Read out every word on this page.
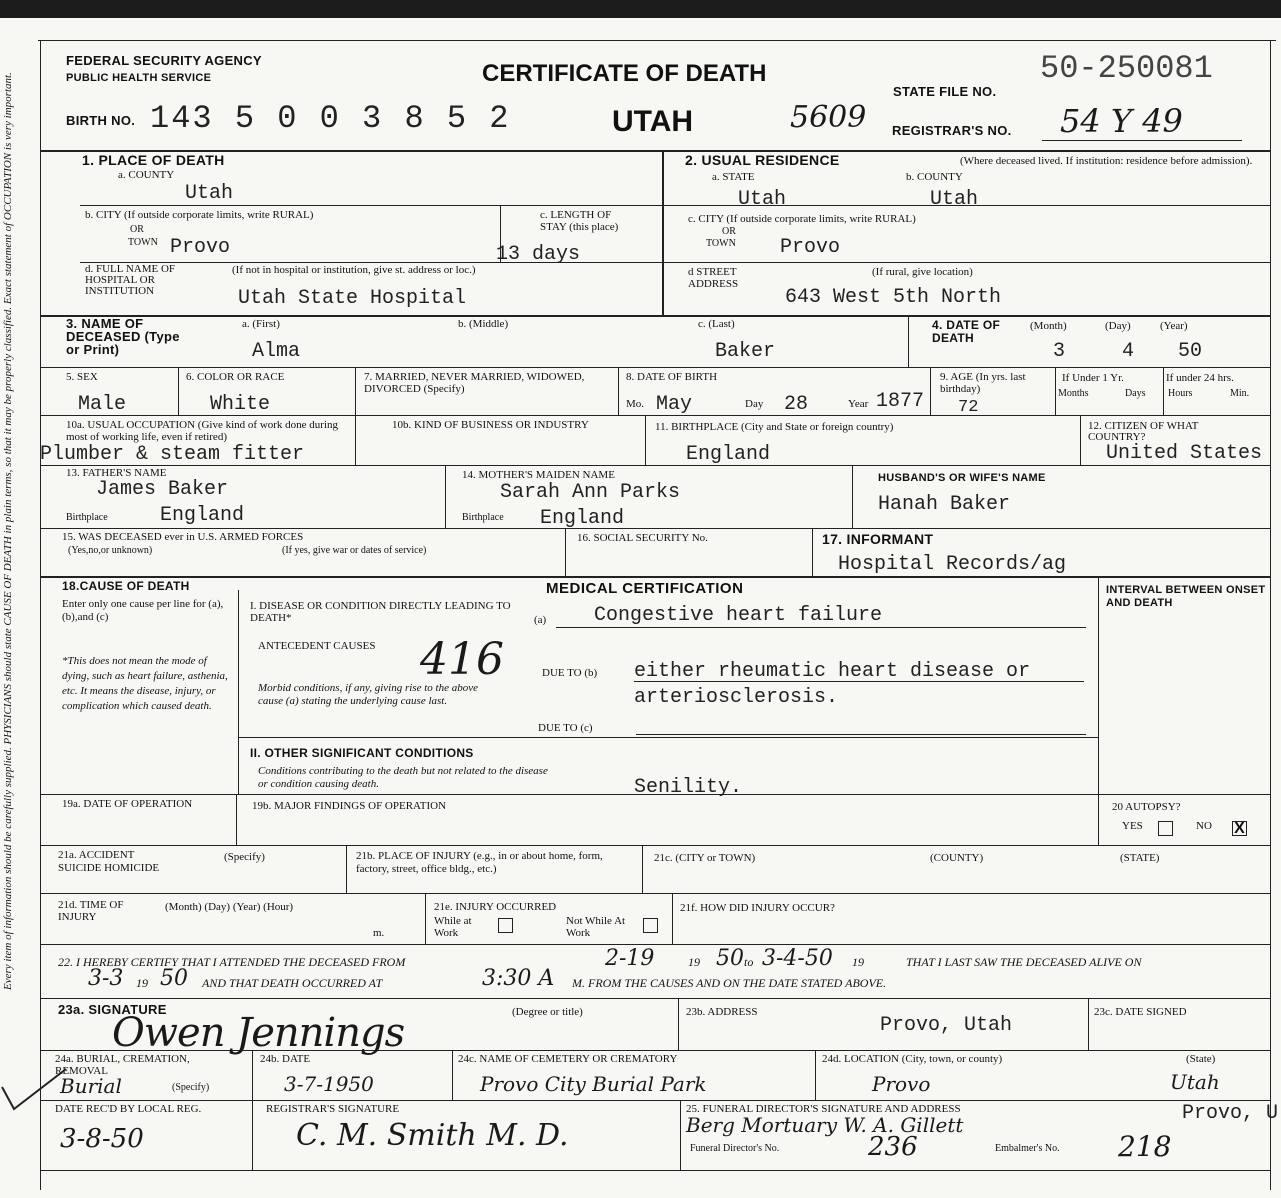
Every item of information should be carefully supplied. PHYSICIANS should state CAUSE OF DEATH in plain terms, so that it may be properly classified. Exact statement of OCCUPATION is very important.
FEDERAL SECURITY AGENCY
PUBLIC HEALTH SERVICE	CERTIFICATE OF DEATH
STATE FILE NO.
50-250081
BIRTH NO. 143 5 0 0 3 8 5 2	UTAH	5609 REGISTRAR'S NO. 54 Y 49
1. PLACE OF DEATH
a. COUNTY
Utah
b. CITY (If outside corporate limits, write RURAL)
OR
TOWN Provo
c. LENGTH OF STAY (this place)
13 days
d. FULL NAME OF HOSPITAL OR INSTITUTION
(If not in hospital or institution, give st. address or loc.)
Utah State Hospital
2. USUAL RESIDENCE	(Where deceased lived. If institution: residence before admission).
a. STATE
Utah
b. COUNTY
Utah
c. CITY (If outside corporate limits, write RURAL)
OR
TOWN Provo
d STREET ADDRESS
(If rural, give location)
643 West 5th North
3. NAME OF DECEASED (Type or Print)
a. (First)
Alma
b. (Middle)	c. (Last)
Baker
4. DATE OF DEATH
(Month)	(Day)	(Year)
3	4 50
5. SEX
Male
6. COLOR OR RACE
White
7. MARRIED, NEVER MARRIED, WIDOWED, DIVORCED (Specify)
8. DATE OF BIRTH
Mo. May	Day 28	Year 1877
9. AGE (In yrs. last birthday)
72
If Under 1 Yr.
Months	Days
If under 24 hrs.
Hours	Min.
10a. USUAL OCCUPATION (Give kind of work done during most of working life, even if retired)
Plumber & steam fitter
10b. KIND OF BUSINESS OR INDUSTRY	11. BIRTHPLACE (City and State or foreign country)
England
12. CITIZEN OF WHAT COUNTRY?
United States
13. FATHER'S NAME
James Baker
Birthplace	England
14. MOTHER'S MAIDEN NAME
Sarah Ann Parks
Birthplace England
HUSBAND'S OR WIFE'S NAME
Hanah Baker
15. WAS DECEASED ever in U.S. ARMED FORCES
(Yes,no,or unknown)	(If yes, give war or dates of service)
16. SOCIAL SECURITY No.	17. INFORMANT
Hospital Records/ag
18.CAUSE OF DEATH
Enter only one cause per line for (a),(b),and (c)
*This does not mean the mode of dying, such as heart failure, asthenia, etc. It means the disease, injury, or complication which caused death.
MEDICAL CERTIFICATION	INTERVAL BETWEEN ONSET AND DEATH
I. DISEASE OR CONDITION DIRECTLY LEADING TO DEATH*	(a) Congestive heart failure
ANTECEDENT CAUSES 416
Morbid conditions, if any, giving rise to the above cause (a) stating the underlying cause last.
DUE TO (b) either rheumatic heart disease or
arteriosclerosis.
DUE TO (c)
II. OTHER SIGNIFICANT CONDITIONS
Conditions contributing to the death but not related to the disease or condition causing death.	Senility.
19a. DATE OF OPERATION	19b. MAJOR FINDINGS OF OPERATION	20 AUTOPSY?
YES	NO X
21a. ACCIDENT SUICIDE HOMICIDE
(Specify)	21b. PLACE OF INJURY (e.g., in or about home, form, factory, street, office bldg., etc.)
21c. (CITY or TOWN)	(COUNTY)	(STATE)
21d. TIME OF INJURY
(Month) (Day) (Year) (Hour)
m.
21e. INJURY OCCURRED
While at Work
Not While At Work
21f. HOW DID INJURY OCCUR?
22. I HEREBY CERTIFY THAT I ATTENDED THE DECEASED FROM	2-19	19 50 to 3-4-50 19	THAT I LAST SAW THE DECEASED ALIVE ON
3-3 19 50 AND THAT DEATH OCCURRED AT	3:30 A M. FROM THE CAUSES AND ON THE DATE STATED ABOVE.
23a. SIGNATURE
Owen Jennings	(Degree or title)	23b. ADDRESS
Provo, Utah
23c. DATE SIGNED
24a. BURIAL, CREMATION, REMOVAL
Burial	(Specify)
24b. DATE
3-7-1950
24c. NAME OF CEMETERY OR CREMATORY
Provo City Burial Park
24d. LOCATION (City, town, or county)
Provo
(State)
Utah
DATE REC'D BY LOCAL REG.
3-8-50
REGISTRAR'S SIGNATURE
C. M. Smith M. D.
25. FUNERAL DIRECTOR'S SIGNATURE AND ADDRESS
Berg Mortuary W. A. Gillett	Provo, U
Funeral Director's No.	236	Embalmer's No. 218
